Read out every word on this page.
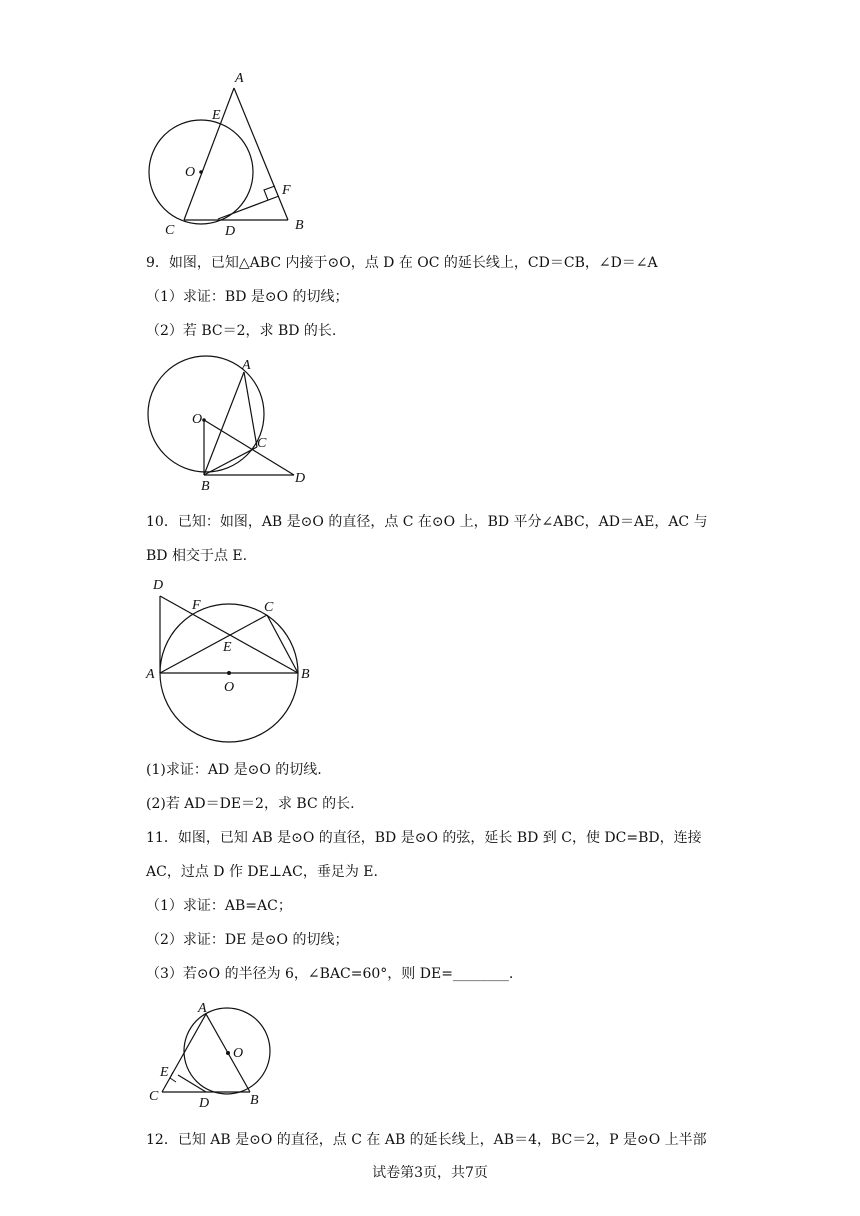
A
E
O
F
C	D	B
9．如图，已知△ABC 内接于⊙O，点 D 在 OC 的延长线上，CD＝CB，∠D＝∠A
（1）求证：BD 是⊙O 的切线；
（2）若 BC＝2，求 BD 的长.
A
O
C
B
D
10．已知：如图，AB 是⊙O 的直径，点 C 在⊙O 上，BD 平分∠ABC，AD＝AE，AC 与
BD 相交于点 E.
D
F	C
E
A
O
B
(1)求证：AD 是⊙O 的切线.
(2)若 AD＝DE＝2，求 BC 的长.
11．如图，已知 AB 是⊙O 的直径，BD 是⊙O 的弦，延长 BD 到 C，使 DC=BD，连接
AC，过点 D 作 DE⊥AC，垂足为 E.
（1）求证：AB=AC；
（2）求证：DE 是⊙O 的切线；
（3）若⊙O 的半径为 6，∠BAC=60°，则 DE=________.
A
O
E
C	D	B
12．已知 AB 是⊙O 的直径，点 C 在 AB 的延长线上，AB＝4，BC＝2，P 是⊙O 上半部
试卷第3页，共7页
